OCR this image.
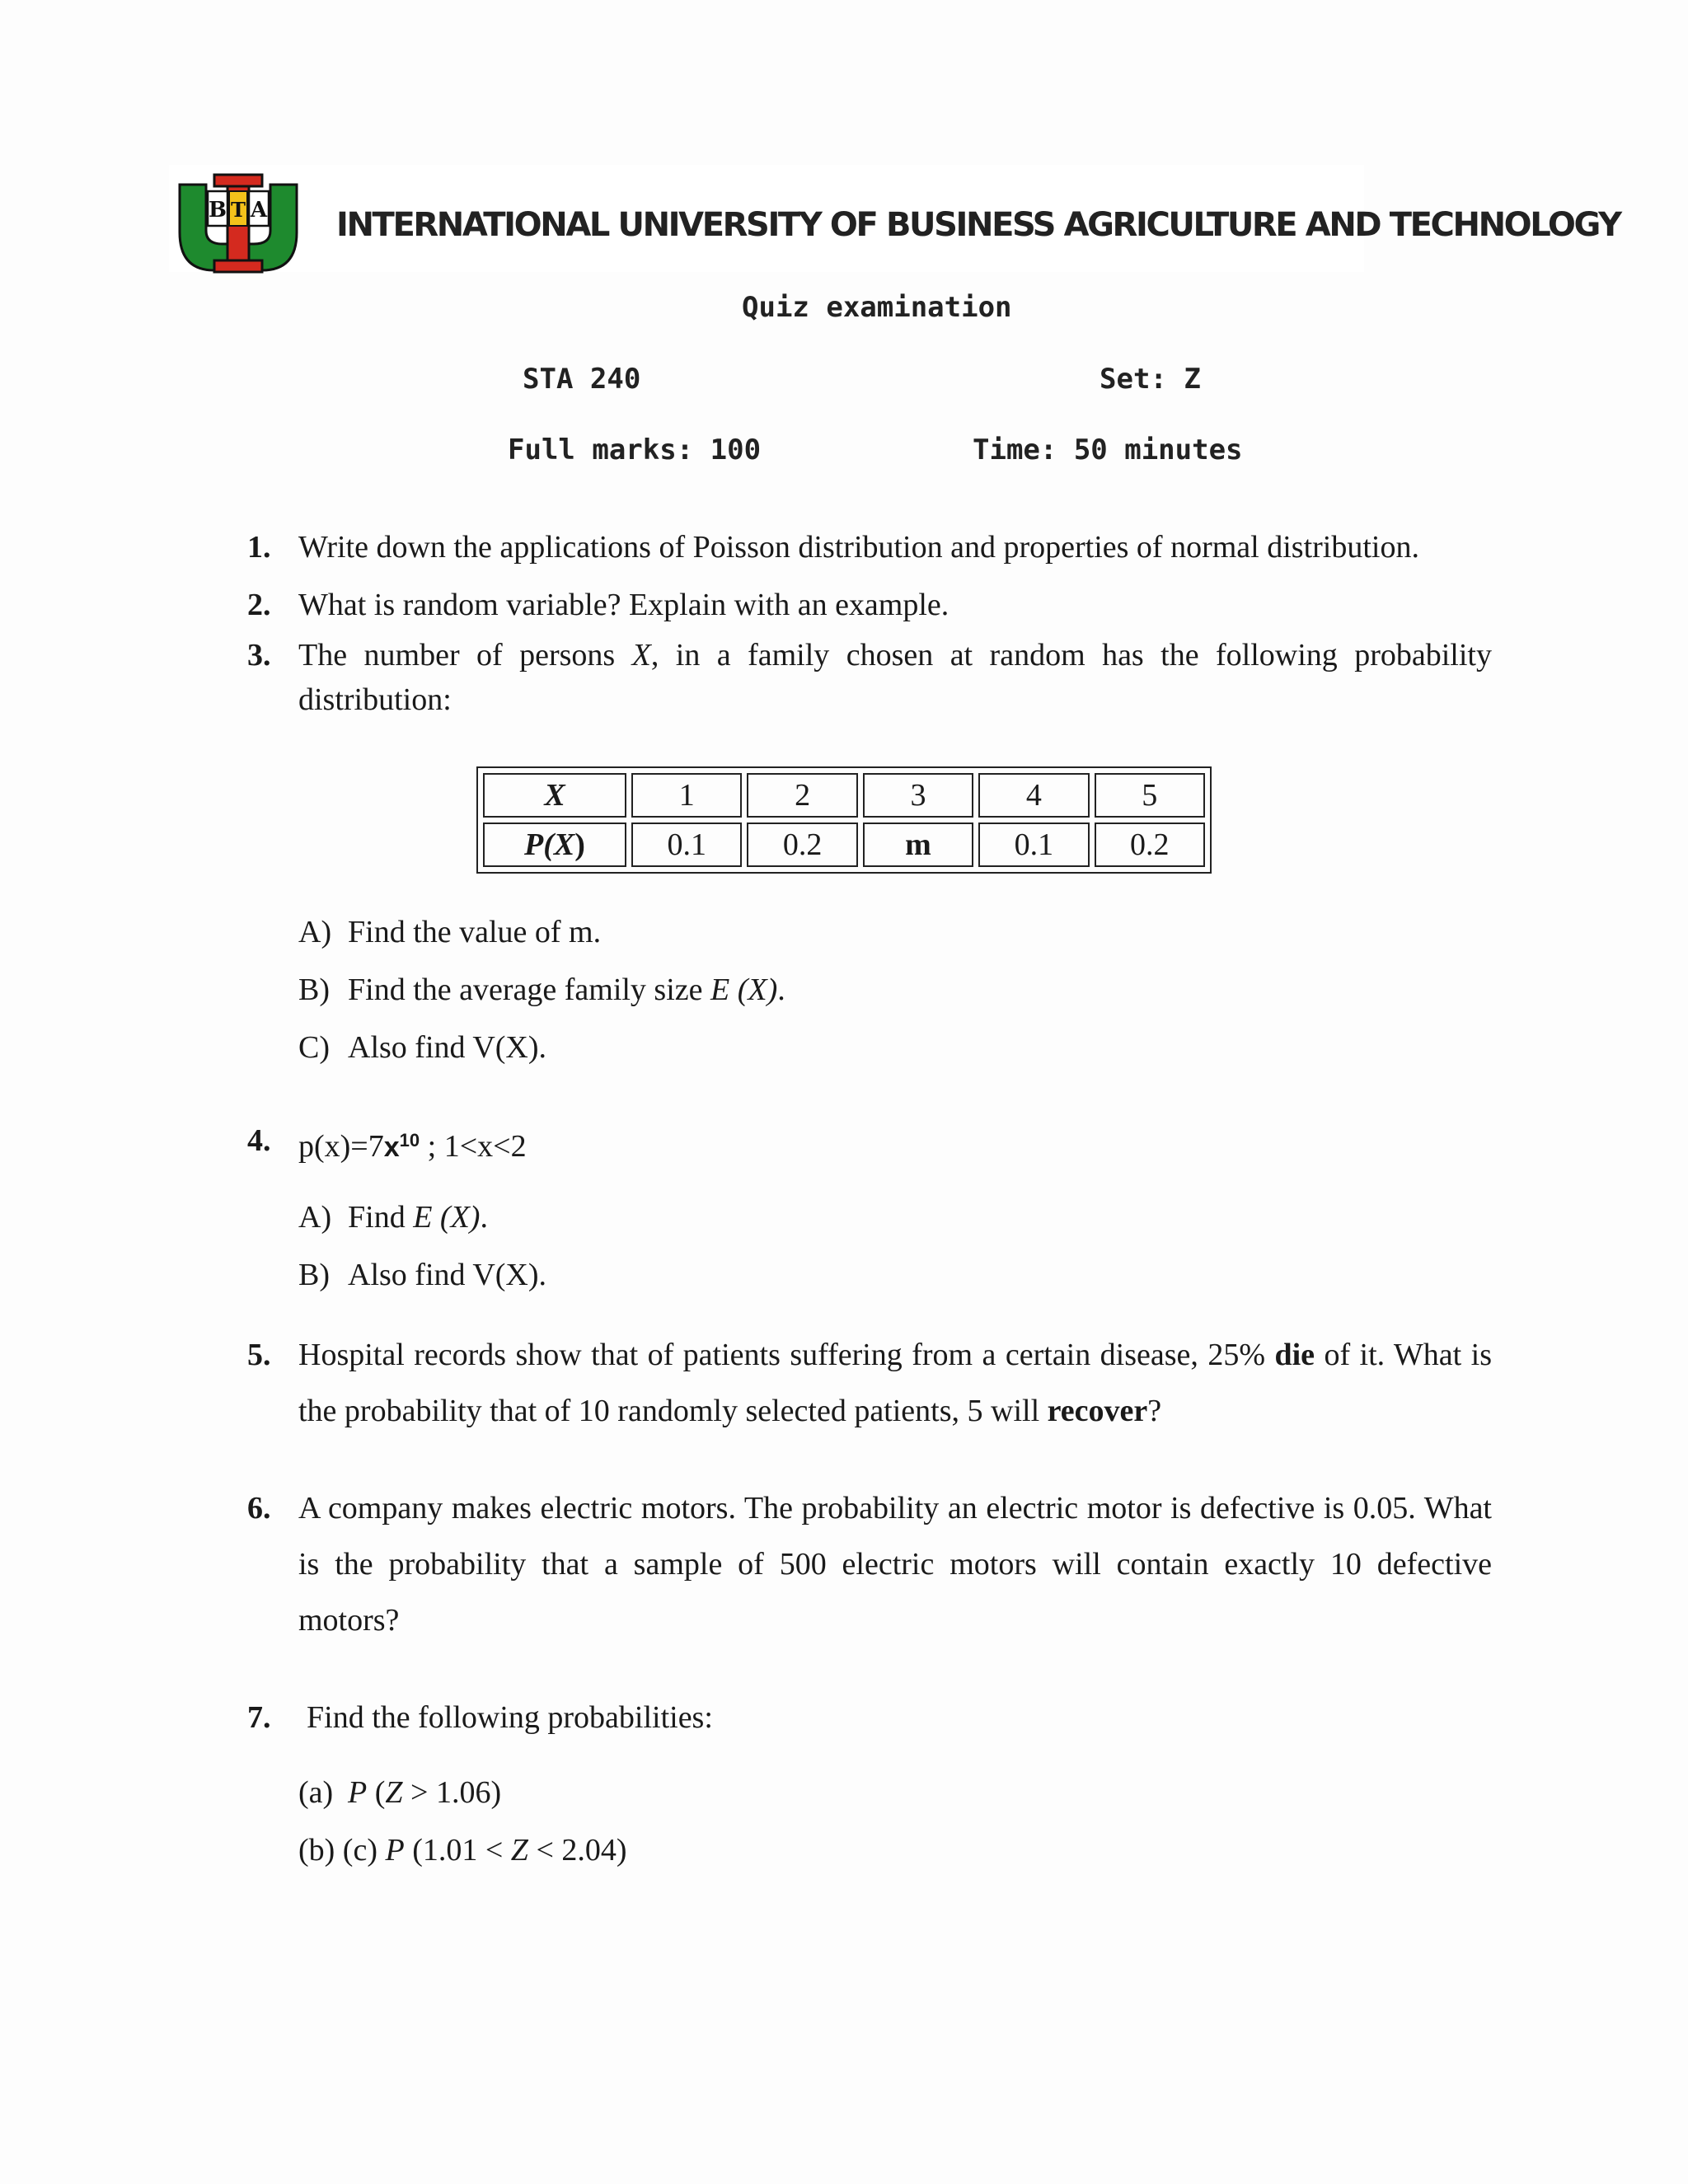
B T A INTERNATIONAL UNIVERSITY OF BUSINESS AGRICULTURE AND TECHNOLOGY
Quiz examination
STA 240	Set: Z
Full marks: 100	Time: 50 minutes
1. Write down the applications of Poisson distribution and properties of normal distribution.
2. What is random variable? Explain with an example.
3. The number of persons X, in a family chosen at random has the following probability distribution:
X	1	2	3	4	5
P(X)	0.1	0.2	m	0.1	0.2
A) Find the value of m.
B) Find the average family size E (X).
C) Also find V(X).
4. $p(x)=7x^{10}$ ; 1<x<2
A) Find E (X).
B) Also find V(X).
5. Hospital records show that of patients suffering from a certain disease, 25% die of it. What is the probability that of 10 randomly selected patients, 5 will recover?
6. A company makes electric motors. The probability an electric motor is defective is 0.05. What is the probability that a sample of 500 electric motors will contain exactly 10 defective motors?
7. Find the following probabilities:
(a) P (Z > 1.06)
(b) (c) P (1.01 < Z < 2.04)
